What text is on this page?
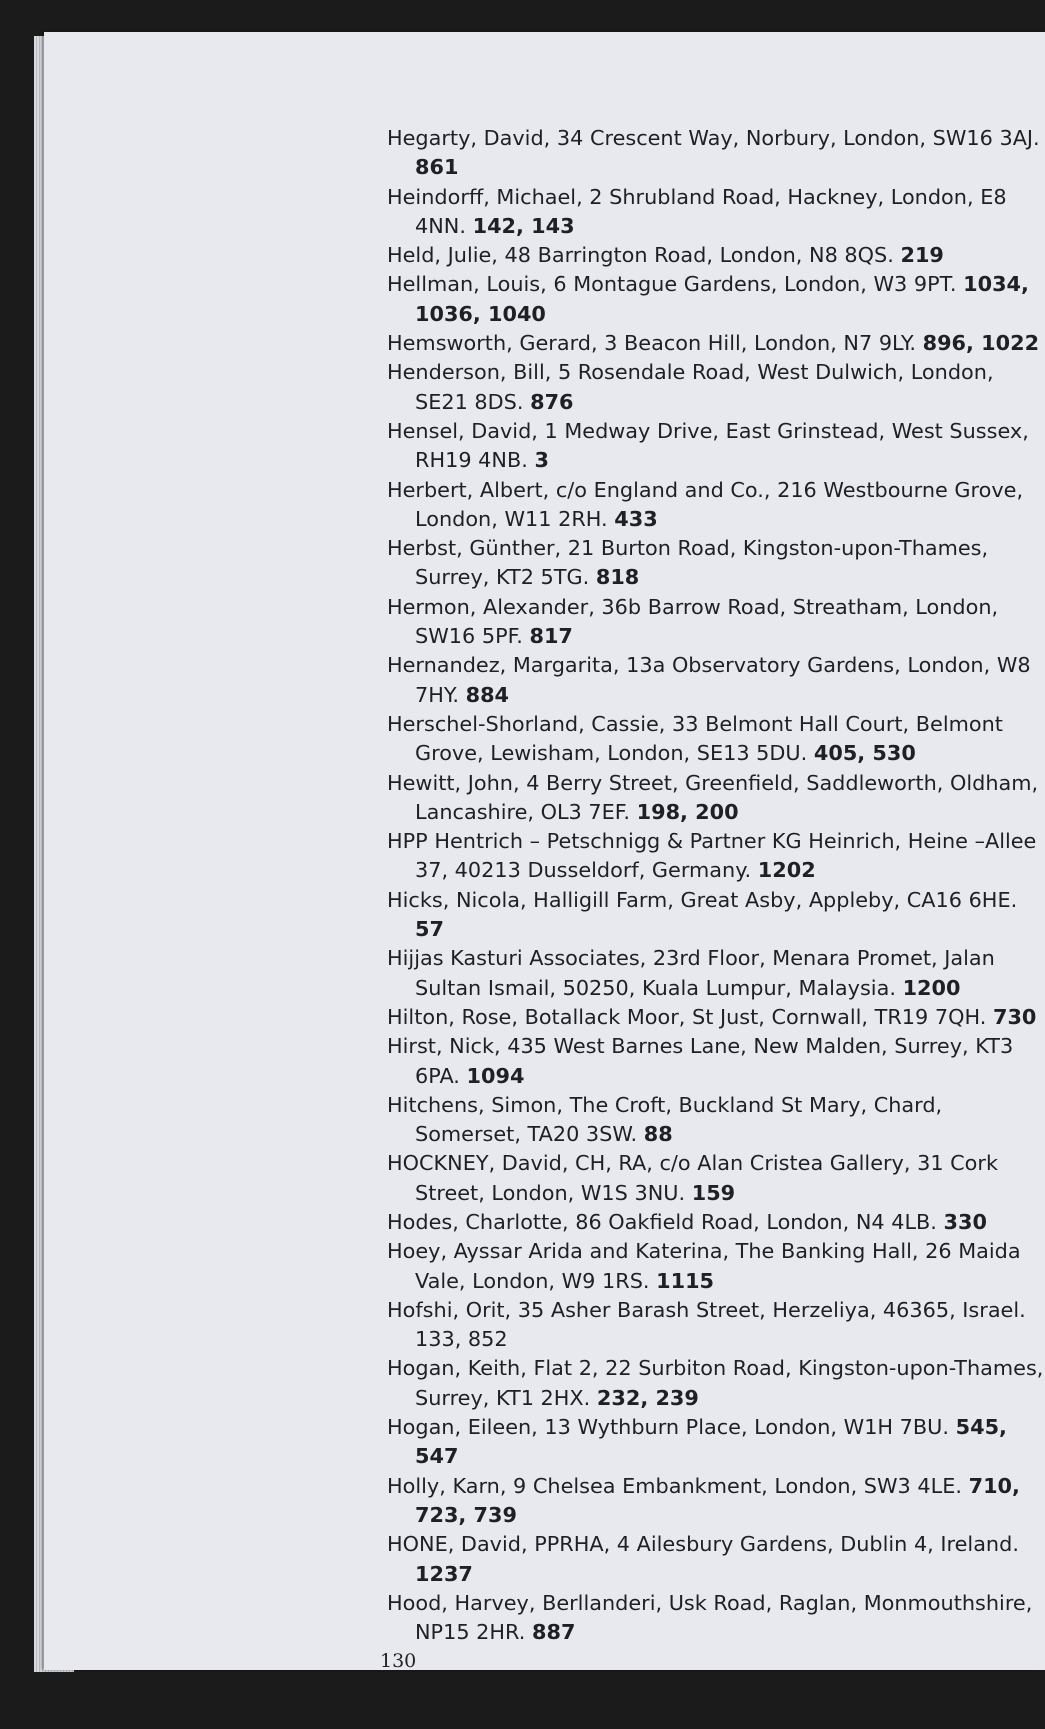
Hegarty, David, 34 Crescent Way, Norbury, London, SW16 3AJ. 861
Heindorff, Michael, 2 Shrubland Road, Hackney, London, E8 4NN. 142, 143
Held, Julie, 48 Barrington Road, London, N8 8QS. 219
Hellman, Louis, 6 Montague Gardens, London, W3 9PT. 1034, 1036, 1040
Hemsworth, Gerard, 3 Beacon Hill, London, N7 9LY. 896, 1022
Henderson, Bill, 5 Rosendale Road, West Dulwich, London, SE21 8DS. 876
Hensel, David, 1 Medway Drive, East Grinstead, West Sussex, RH19 4NB. 3
Herbert, Albert, c/o England and Co., 216 Westbourne Grove, London, W11 2RH. 433
Herbst, Günther, 21 Burton Road, Kingston-upon-Thames, Surrey, KT2 5TG. 818
Hermon, Alexander, 36b Barrow Road, Streatham, London, SW16 5PF. 817
Hernandez, Margarita, 13a Observatory Gardens, London, W8 7HY. 884
Herschel-Shorland, Cassie, 33 Belmont Hall Court, Belmont Grove, Lewisham, London, SE13 5DU. 405, 530
Hewitt, John, 4 Berry Street, Greenfield, Saddleworth, Oldham, Lancashire, OL3 7EF. 198, 200
HPP Hentrich – Petschnigg & Partner KG Heinrich, Heine –Allee 37, 40213 Dusseldorf, Germany. 1202
Hicks, Nicola, Halligill Farm, Great Asby, Appleby, CA16 6HE. 57
Hijjas Kasturi Associates, 23rd Floor, Menara Promet, Jalan Sultan Ismail, 50250, Kuala Lumpur, Malaysia. 1200
Hilton, Rose, Botallack Moor, St Just, Cornwall, TR19 7QH. 730
Hirst, Nick, 435 West Barnes Lane, New Malden, Surrey, KT3 6PA. 1094
Hitchens, Simon, The Croft, Buckland St Mary, Chard, Somerset, TA20 3SW. 88
HOCKNEY, David, CH, RA, c/o Alan Cristea Gallery, 31 Cork Street, London, W1S 3NU. 159
Hodes, Charlotte, 86 Oakfield Road, London, N4 4LB. 330
Hoey, Ayssar Arida and Katerina, The Banking Hall, 26 Maida Vale, London, W9 1RS. 1115
Hofshi, Orit, 35 Asher Barash Street, Herzeliya, 46365, Israel. 133, 852
Hogan, Keith, Flat 2, 22 Surbiton Road, Kingston-upon-Thames, Surrey, KT1 2HX. 232, 239
Hogan, Eileen, 13 Wythburn Place, London, W1H 7BU. 545, 547
Holly, Karn, 9 Chelsea Embankment, London, SW3 4LE. 710, 723, 739
HONE, David, PPRHA, 4 Ailesbury Gardens, Dublin 4, Ireland. 1237
Hood, Harvey, Berllanderi, Usk Road, Raglan, Monmouthshire, NP15 2HR. 887
130
